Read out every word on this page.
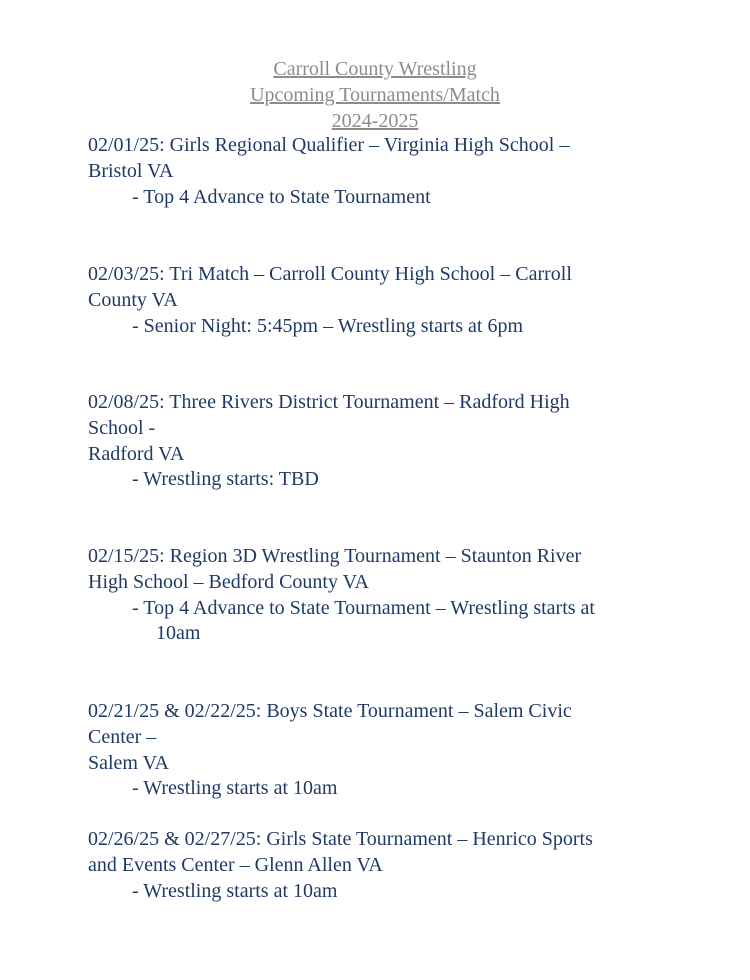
Carroll County Wrestling
Upcoming Tournaments/Match
2024-2025
02/01/25: Girls Regional Qualifier – Virginia High School –
Bristol VA
- Top 4 Advance to State Tournament
02/03/25: Tri Match – Carroll County High School – Carroll
County VA
- Senior Night: 5:45pm – Wrestling starts at 6pm
02/08/25: Three Rivers District Tournament – Radford High
School -
Radford VA
- Wrestling starts: TBD
02/15/25: Region 3D Wrestling Tournament – Staunton River
High School – Bedford County VA
- Top 4 Advance to State Tournament – Wrestling starts at
10am
02/21/25 & 02/22/25: Boys State Tournament – Salem Civic
Center –
Salem VA
- Wrestling starts at 10am
02/26/25 & 02/27/25: Girls State Tournament – Henrico Sports
and Events Center – Glenn Allen VA
- Wrestling starts at 10am
